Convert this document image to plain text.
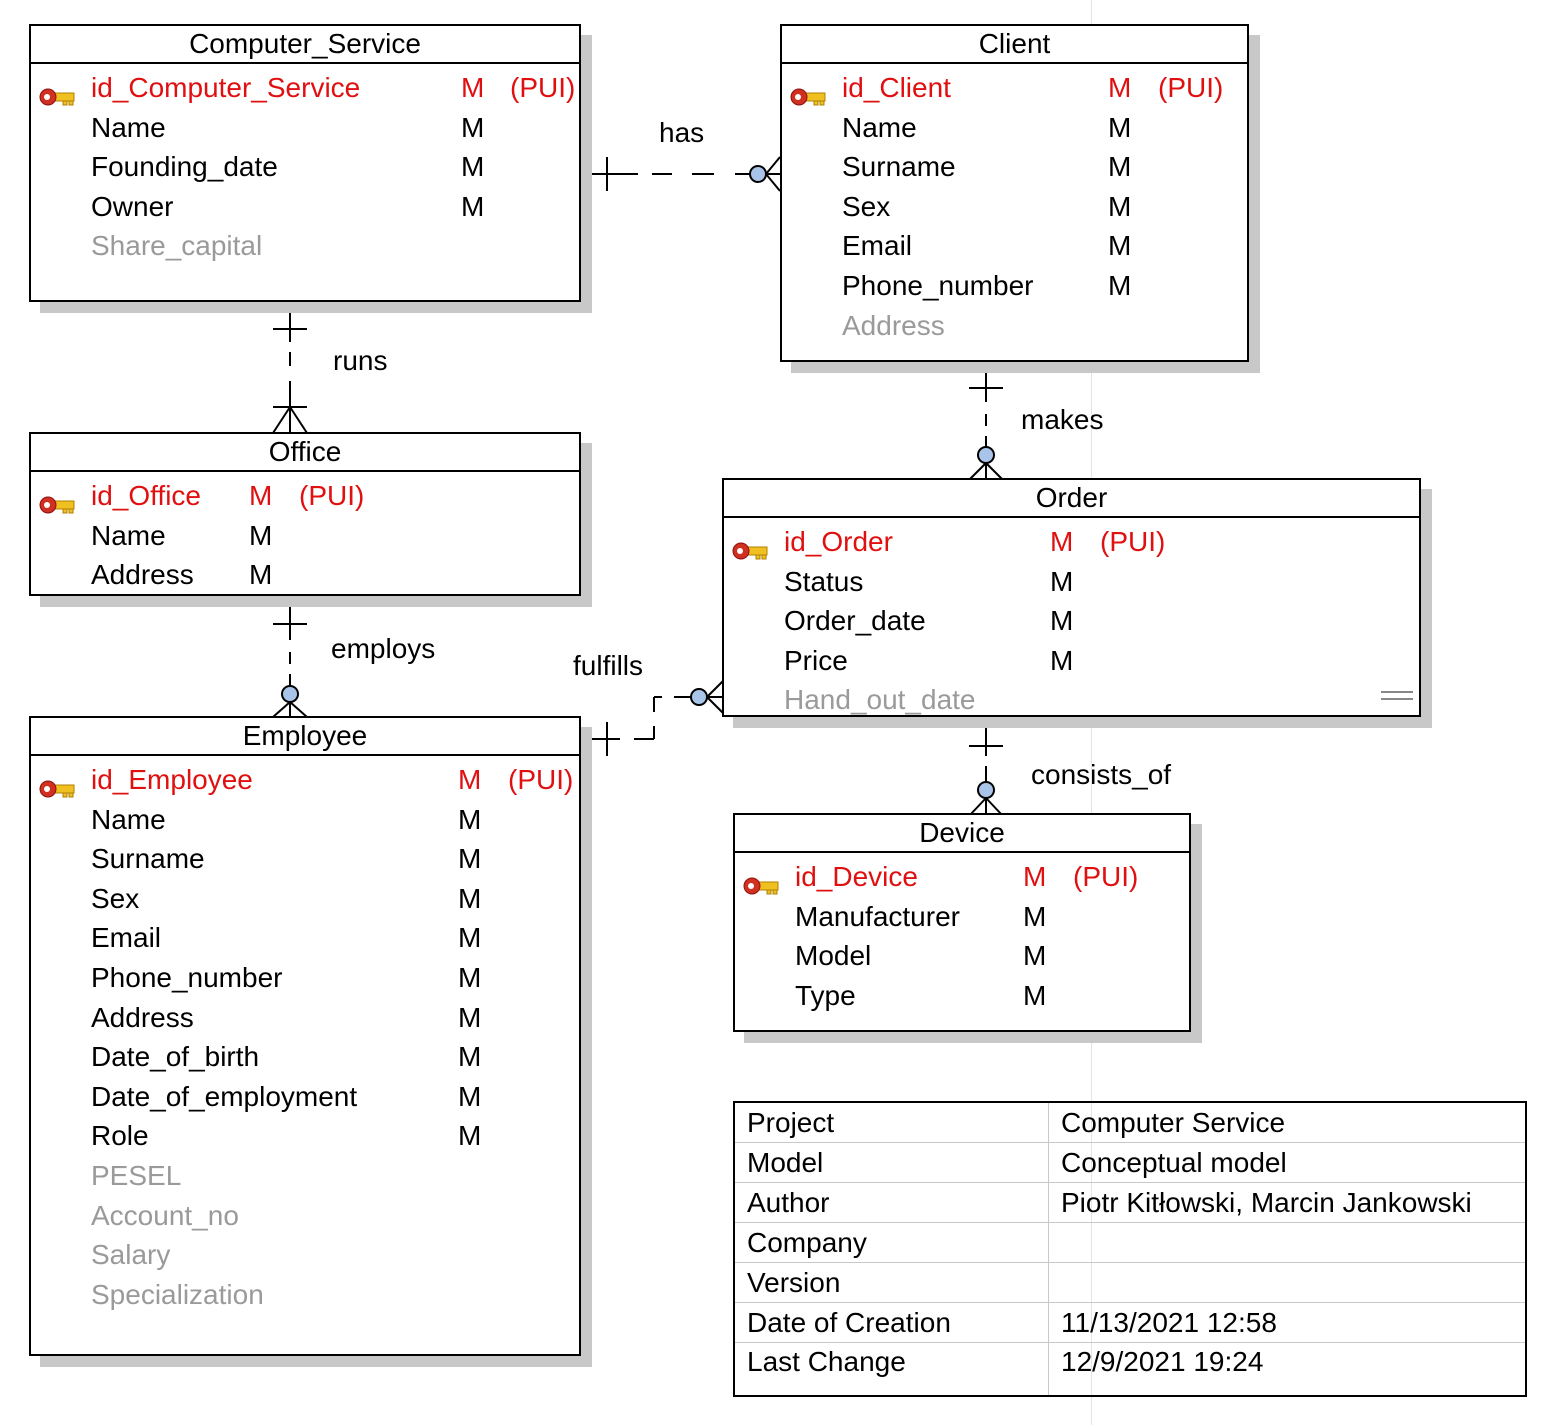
has
runs
makes
employs
fulfills
consists_of
Computer_Service
id_Computer_Service	M (PUI)
Name	M
Founding_date	M
Owner	M
Share_capital
Client
id_Client	M (PUI)
Name	M
Surname	M
Sex	M
Email	M
Phone_number	M
Address
Office
id_Office M (PUI)
Name	M
Address M
Order
id_Order	M (PUI)
Status	M
Order_date	M
Price	M
Hand_out_date
Employee
id_Employee	M (PUI)
Name	M
Surname	M
Sex	M
Email	M
Phone_number	M
Address	M
Date_of_birth	M
Date_of_employment	M
Role	M
PESEL
Account_no
Salary
Specialization
Device
id_Device	M (PUI)
Manufacturer M
Model	M
Type	M
Project	Computer Service
Model	Conceptual model
Author	Piotr Kitłowski, Marcin Jankowski
Company	
Version	
Date of Creation	11/13/2021 12:58
Last Change	12/9/2021 19:24
